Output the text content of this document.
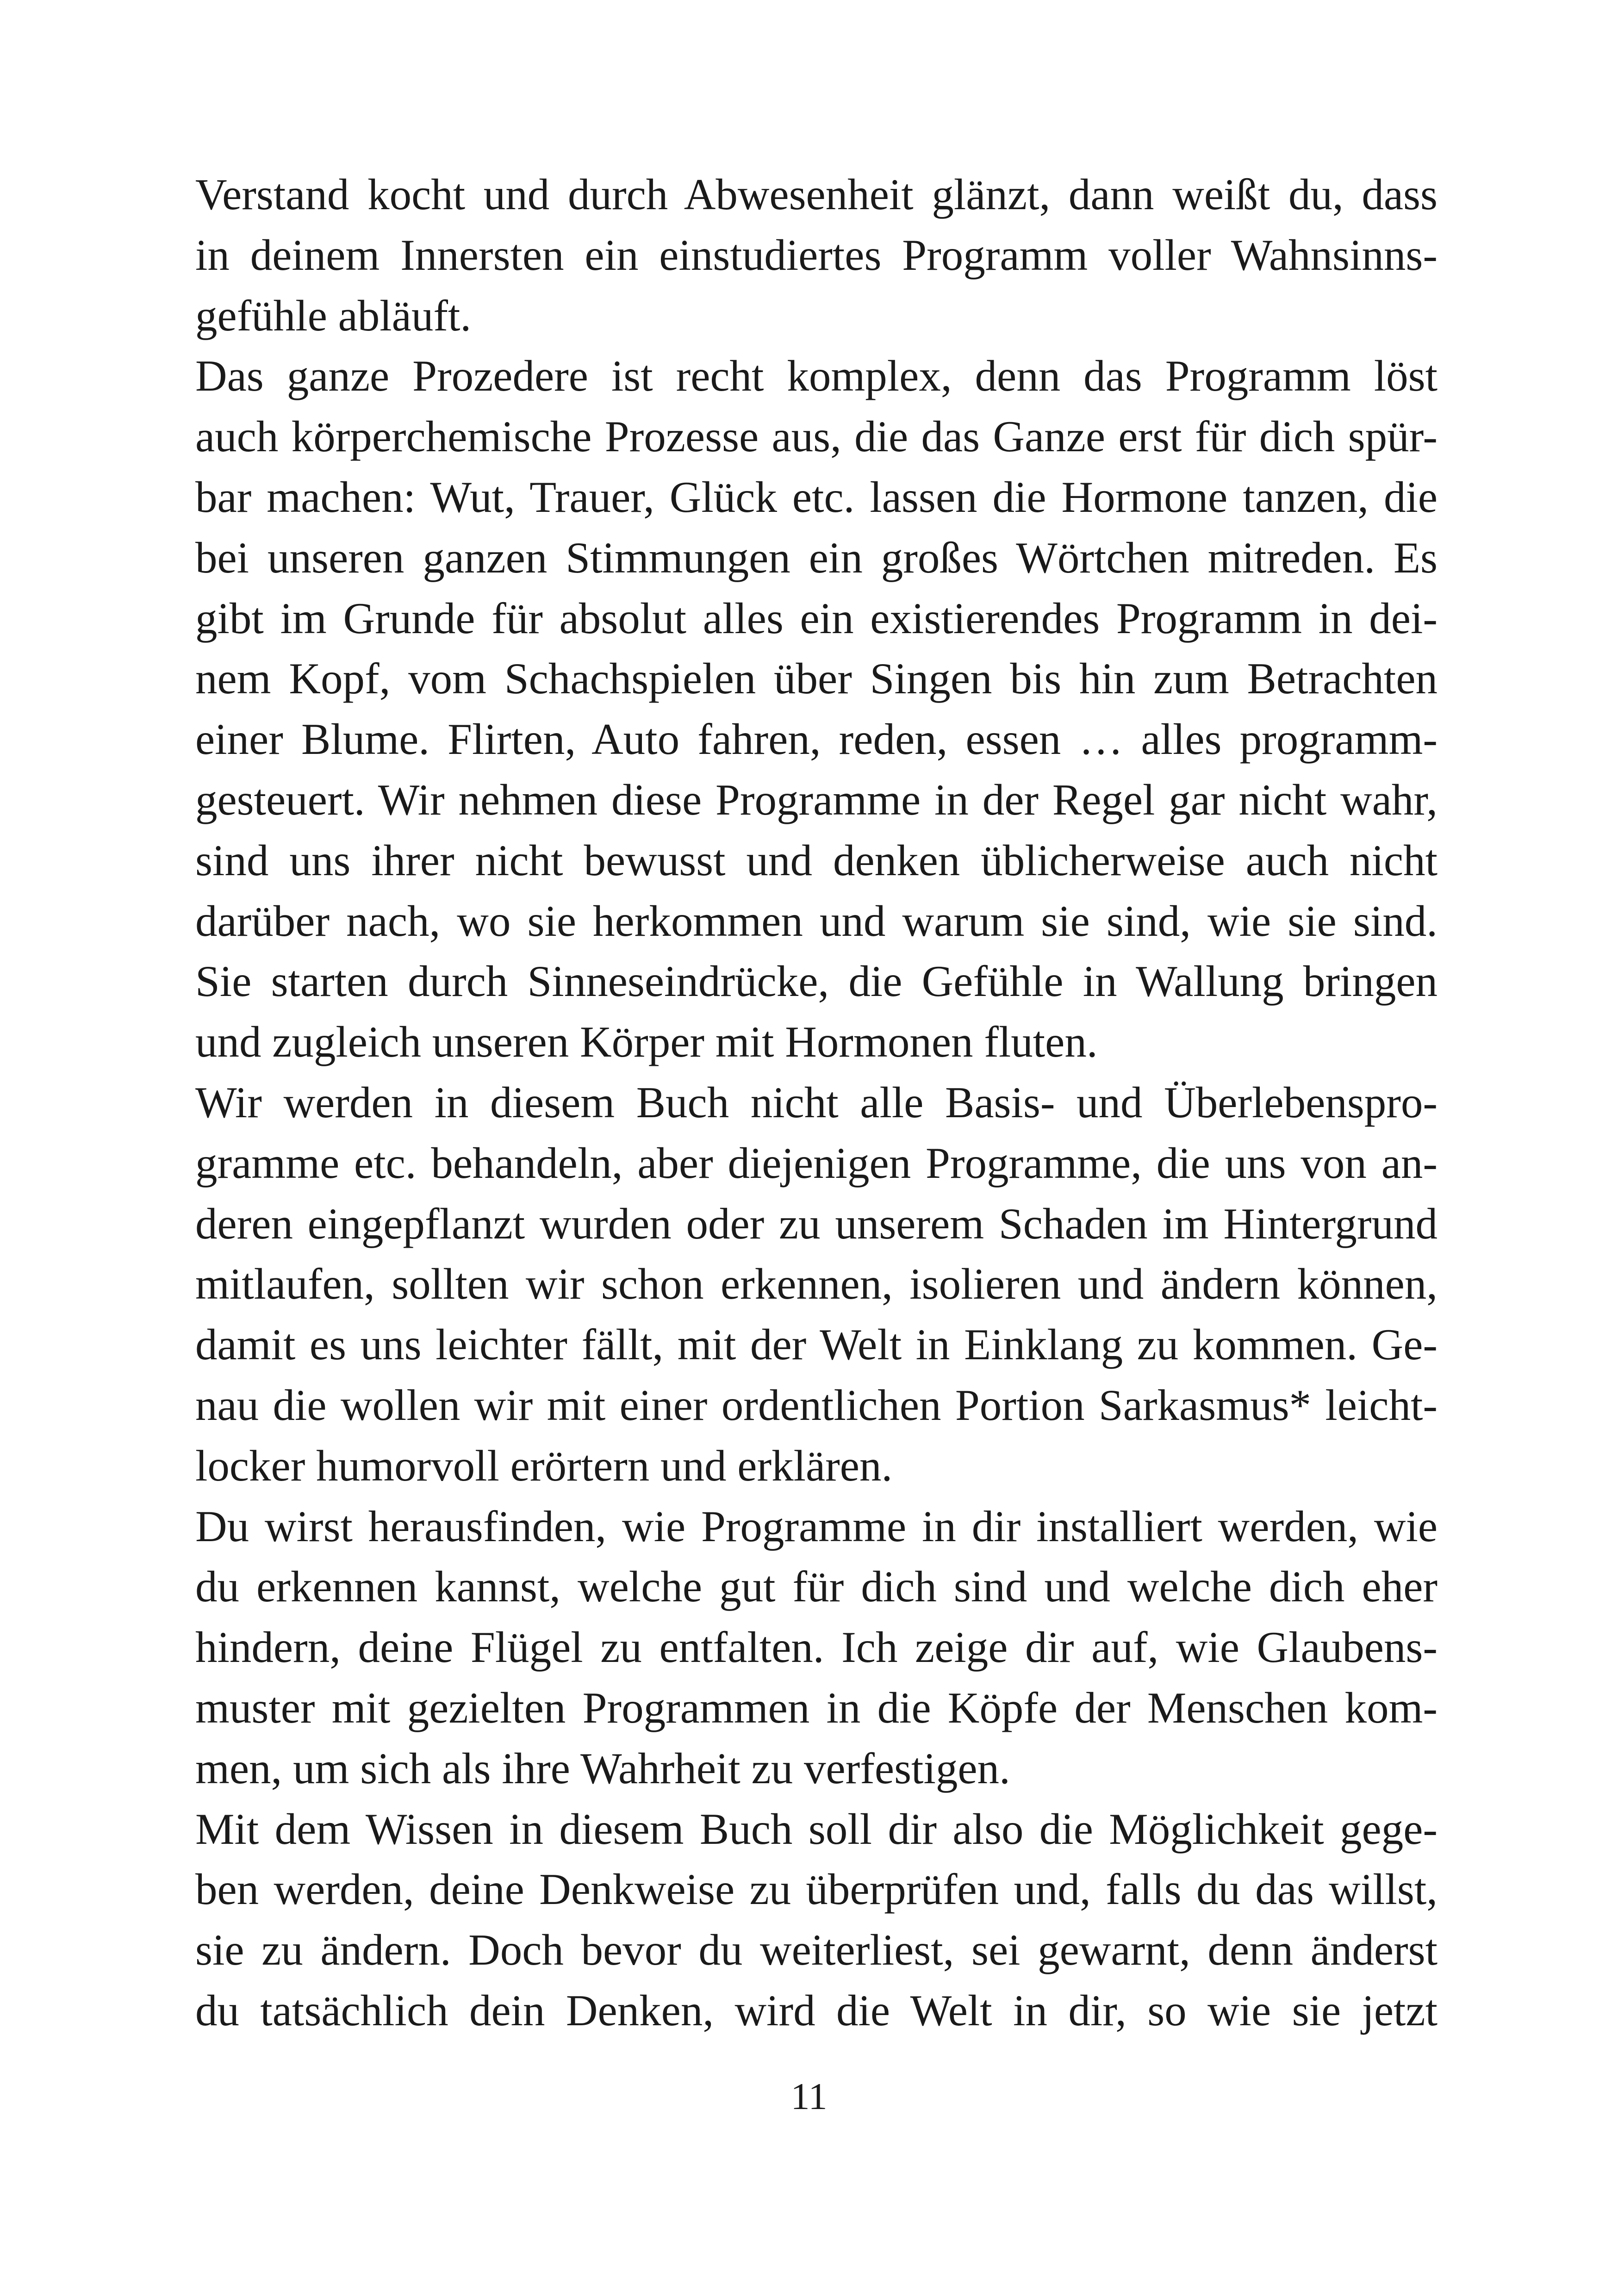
Verstand kocht und durch Abwesenheit glänzt, dann weißt du, dass
in deinem Innersten ein einstudiertes Programm voller Wahnsinns-
gefühle abläuft.
Das ganze Prozedere ist recht komplex, denn das Programm löst
auch körperchemische Prozesse aus, die das Ganze erst für dich spür-
bar machen: Wut, Trauer, Glück etc. lassen die Hormone tanzen, die
bei unseren ganzen Stimmungen ein großes Wörtchen mitreden. Es
gibt im Grunde für absolut alles ein existierendes Programm in dei-
nem Kopf, vom Schachspielen über Singen bis hin zum Betrachten
einer Blume. Flirten, Auto fahren, reden, essen … alles programm-
gesteuert. Wir nehmen diese Programme in der Regel gar nicht wahr,
sind uns ihrer nicht bewusst und denken üblicherweise auch nicht
darüber nach, wo sie herkommen und warum sie sind, wie sie sind.
Sie starten durch Sinneseindrücke, die Gefühle in Wallung bringen
und zugleich unseren Körper mit Hormonen fluten.
Wir werden in diesem Buch nicht alle Basis- und Überlebenspro-
gramme etc. behandeln, aber diejenigen Programme, die uns von an-
deren eingepflanzt wurden oder zu unserem Schaden im Hintergrund
mitlaufen, sollten wir schon erkennen, isolieren und ändern können,
damit es uns leichter fällt, mit der Welt in Einklang zu kommen. Ge-
nau die wollen wir mit einer ordentlichen Portion Sarkasmus* leicht-
locker humorvoll erörtern und erklären.
Du wirst herausfinden, wie Programme in dir installiert werden, wie
du erkennen kannst, welche gut für dich sind und welche dich eher
hindern, deine Flügel zu entfalten. Ich zeige dir auf, wie Glaubens-
muster mit gezielten Programmen in die Köpfe der Menschen kom-
men, um sich als ihre Wahrheit zu verfestigen.
Mit dem Wissen in diesem Buch soll dir also die Möglichkeit gege-
ben werden, deine Denkweise zu überprüfen und, falls du das willst,
sie zu ändern. Doch bevor du weiterliest, sei gewarnt, denn änderst
du tatsächlich dein Denken, wird die Welt in dir, so wie sie jetzt
11
